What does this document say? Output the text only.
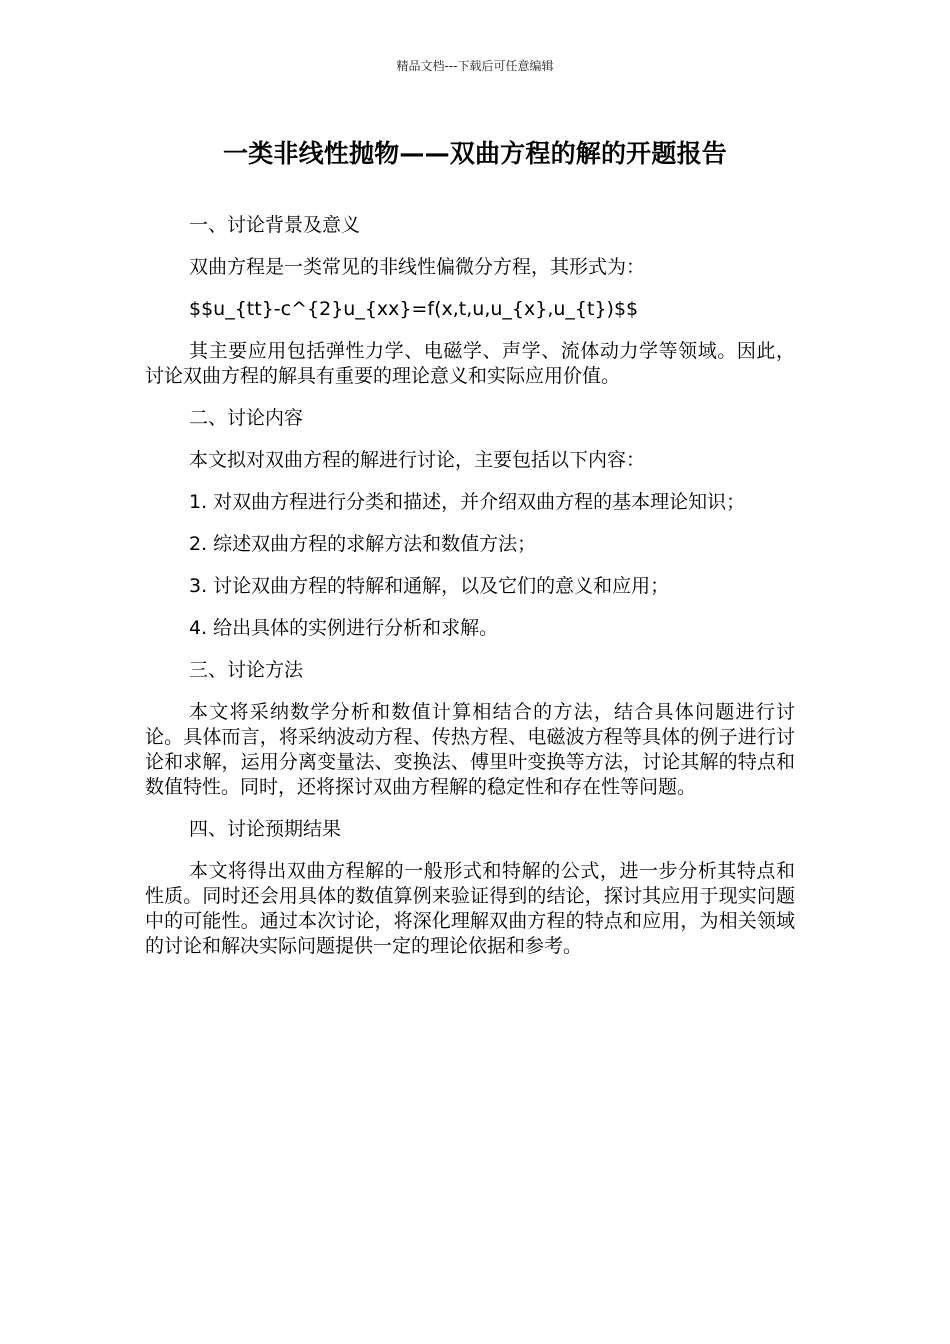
精品文档---下载后可任意编辑
一类非线性抛物——双曲方程的解的开题报告

一、讨论背景及意义

双曲方程是一类常见的非线性偏微分方程，其形式为：

$$u_{tt}-c^{2}u_{xx}=f(x,t,u,u_{x},u_{t})$$

其主要应用包括弹性力学、电磁学、声学、流体动力学等领域。因此，讨论双曲方程的解具有重要的理论意义和实际应用价值。

二、讨论内容

本文拟对双曲方程的解进行讨论，主要包括以下内容：

1. 对双曲方程进行分类和描述，并介绍双曲方程的基本理论知识；

2. 综述双曲方程的求解方法和数值方法；

3. 讨论双曲方程的特解和通解，以及它们的意义和应用；

4. 给出具体的实例进行分析和求解。

三、讨论方法

本文将采纳数学分析和数值计算相结合的方法，结合具体问题进行讨论。具体而言，将采纳波动方程、传热方程、电磁波方程等具体的例子进行讨论和求解，运用分离变量法、变换法、傅里叶变换等方法，讨论其解的特点和数值特性。同时，还将探讨双曲方程解的稳定性和存在性等问题。

四、讨论预期结果

本文将得出双曲方程解的一般形式和特解的公式，进一步分析其特点和性质。同时还会用具体的数值算例来验证得到的结论，探讨其应用于现实问题中的可能性。通过本次讨论，将深化理解双曲方程的特点和应用，为相关领域的讨论和解决实际问题提供一定的理论依据和参考。
